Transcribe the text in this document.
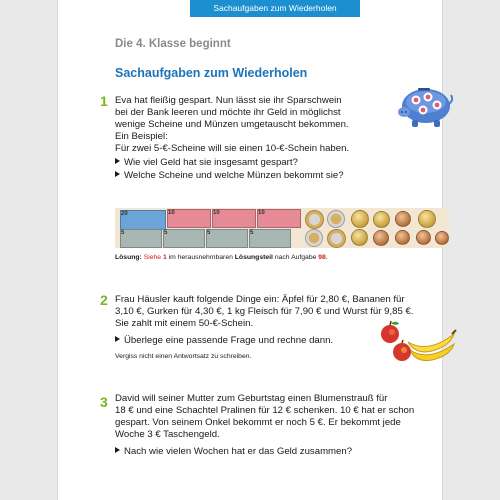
Sachaufgaben zum Wiederholen
Die 4. Klasse beginnt
Sachaufgaben zum Wiederholen
1 Eva hat fleißig gespart. Nun lässt sie ihr Sparschwein
bei der Bank leeren und möchte ihr Geld in möglichst
wenige Scheine und Münzen umgetauscht bekommen.
Ein Beispiel:
Für zwei 5-€-Scheine will sie einen 10-€-Schein haben.
Wie viel Geld hat sie insgesamt gespart?
Welche Scheine und welche Münzen bekommt sie?
20	10	10	10
5	5	5	5
Lösung: Siehe 1 im herausnehmbaren Lösungsteil nach Aufgabe 98.
2 Frau Häusler kauft folgende Dinge ein: Äpfel für 2,80 €, Bananen für
3,10 €, Gurken für 4,30 €, 1 kg Fleisch für 7,90 € und Wurst für 9,85 €.
Sie zahlt mit einem 50-€-Schein.
Überlege eine passende Frage und rechne dann.
Vergiss nicht einen Antwortsatz zu schreiben.
3 David will seiner Mutter zum Geburtstag einen Blumenstrauß für
18 € und eine Schachtel Pralinen für 12 € schenken. 10 € hat er schon
gespart. Von seinem Onkel bekommt er noch 5 €. Er bekommt jede
Woche 3 € Taschengeld.
Nach wie vielen Wochen hat er das Geld zusammen?
